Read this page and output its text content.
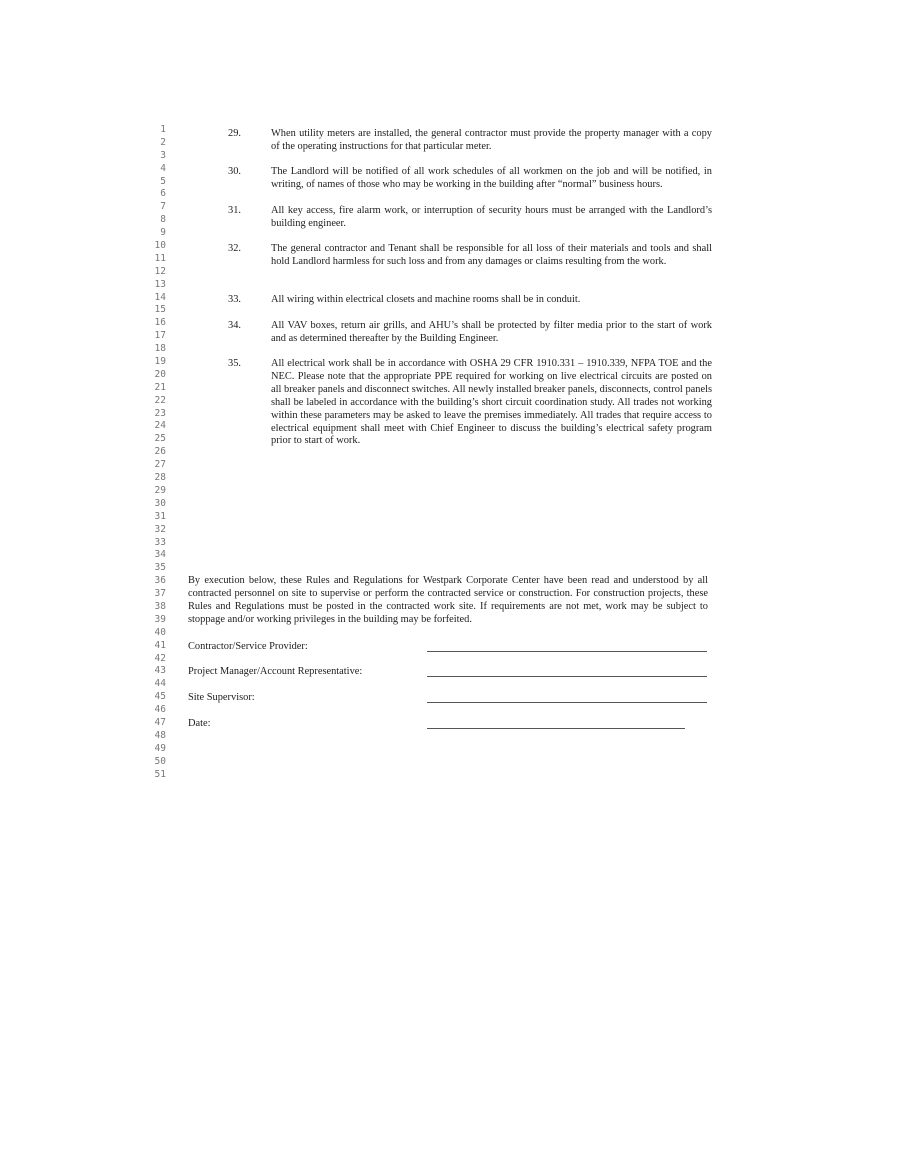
1
2
3
4
5
6
7
8
9
10
11
12
13
14
15
16
17
18
19
20
21
22
23
24
25
26
27
28
29
30
31
32
33
34
35
36
37
38
39
40
41
42
43
44
45
46
47
48
49
50
51
29.	When utility meters are installed, the general contractor must provide the property manager with a copy of the operating instructions for that particular meter.
30.	The Landlord will be notified of all work schedules of all workmen on the job and will be notified, in writing, of names of those who may be working in the building after “normal” business hours.
31.	All key access, fire alarm work, or interruption of security hours must be arranged with the Landlord’s building engineer.
32.	The general contractor and Tenant shall be responsible for all loss of their materials and tools and shall hold Landlord harmless for such loss and from any damages or claims resulting from the work.
33.	All wiring within electrical closets and machine rooms shall be in conduit.
34.	All VAV boxes, return air grills, and AHU’s shall be protected by filter media prior to the start of work and as determined thereafter by the Building Engineer.
35.	All electrical work shall be in accordance with OSHA 29 CFR 1910.331 – 1910.339, NFPA TOE and the NEC. Please note that the appropriate PPE required for working on live electrical circuits are posted on all breaker panels and disconnect switches. All newly installed breaker panels, disconnects, control panels shall be labeled in accordance with the building’s short circuit coordination study. All trades not working within these parameters may be asked to leave the premises immediately. All trades that require access to electrical equipment shall meet with Chief Engineer to discuss the building’s electrical safety program prior to start of work.
By execution below, these Rules and Regulations for Westpark Corporate Center have been read and understood by all contracted personnel on site to supervise or perform the contracted service or construction. For construction projects, these Rules and Regulations must be posted in the contracted work site. If requirements are not met, work may be subject to stoppage and/or working privileges in the building may be forfeited.
Contractor/Service Provider:
Project Manager/Account Representative:
Site Supervisor:
Date:
